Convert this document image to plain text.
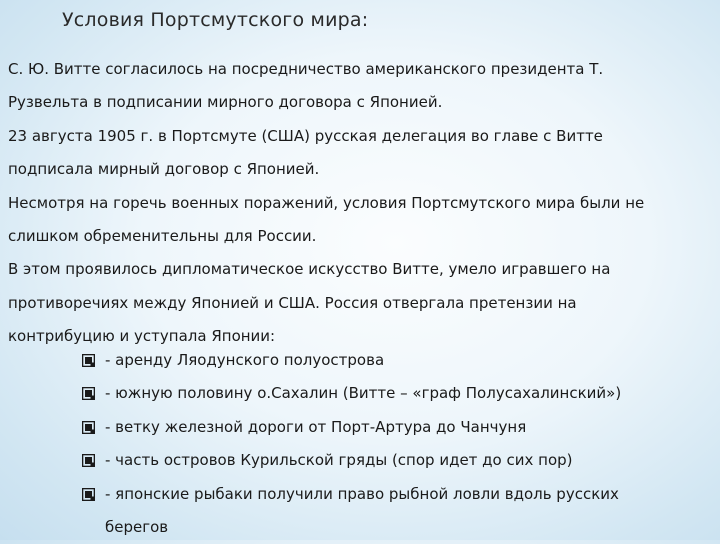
Условия Портсмутского мира:
С. Ю. Витте согласилось на посредничество американского президента Т.
Рузвельта в подписании мирного договора с Японией.
23 августа 1905 г. в Портсмуте (США) русская делегация во главе с Витте
подписала мирный договор с Японией.
Несмотря на горечь военных поражений, условия Портсмутского мира были не
слишком обременительны для России.
В этом проявилось дипломатическое искусство Витте, умело игравшего на
противоречиях между Японией и США. Россия отвергала претензии на
контрибуцию и уступала Японии:
- аренду Ляодунского полуострова
- южную половину о.Сахалин (Витте – «граф Полусахалинский»)
- ветку железной дороги от Порт-Артура до Чанчуня
- часть островов Курильской гряды (спор идет до сих пор)
- японские рыбаки получили право рыбной ловли вдоль русских
берегов
